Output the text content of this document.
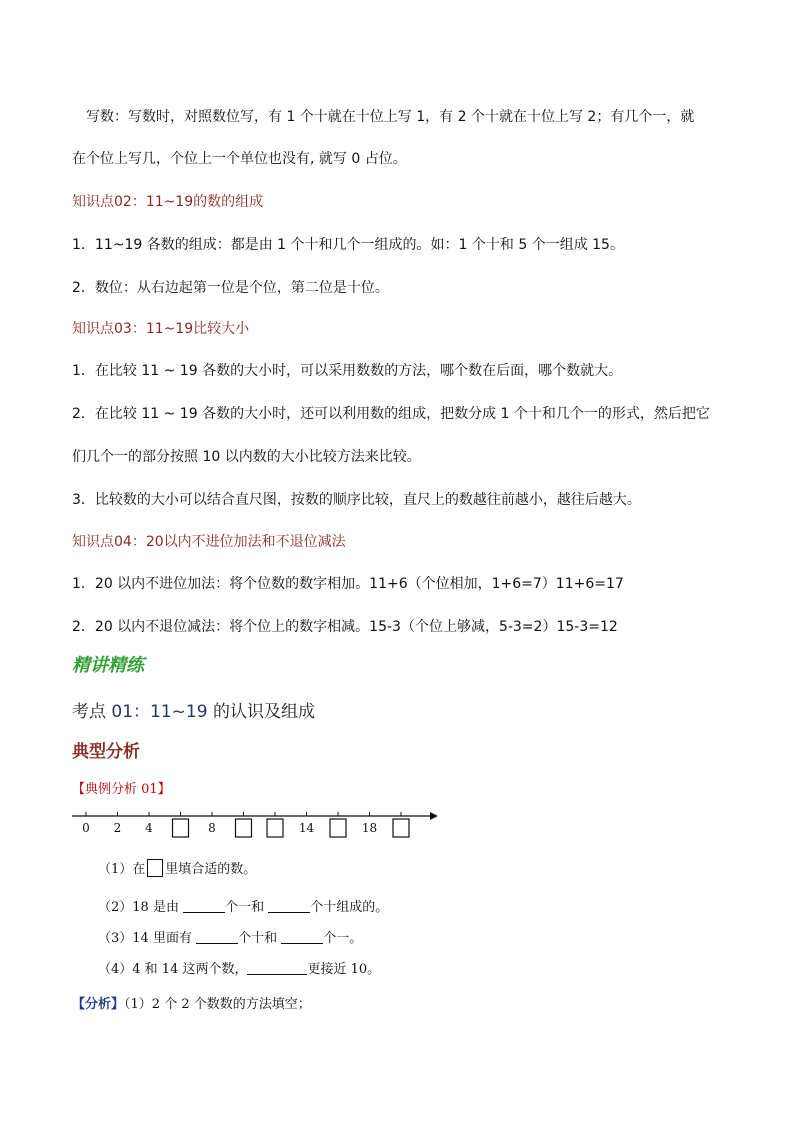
写数：写数时，对照数位写，有 1 个十就在十位上写 1，有 2 个十就在十位上写 2；有几个一，就
在个位上写几，个位上一个单位也没有, 就写 0 占位。
知识点02：11~19的数的组成
1．11~19 各数的组成：都是由 1 个十和几个一组成的。如：1 个十和 5 个一组成 15。
2．数位：从右边起第一位是个位，第二位是十位。
知识点03：11~19比较大小
1．在比较 11 ~ 19 各数的大小时，可以采用数数的方法，哪个数在后面，哪个数就大。
2．在比较 11 ~ 19 各数的大小时，还可以利用数的组成，把数分成 1 个十和几个一的形式，然后把它
们几个一的部分按照 10 以内数的大小比较方法来比较。
3．比较数的大小可以结合直尺图，按数的顺序比较，直尺上的数越往前越小，越往后越大。
知识点04：20以内不进位加法和不退位减法
1．20 以内不进位加法：将个位数的数字相加。11+6（个位相加，1+6=7）11+6=17
2．20 以内不退位减法：将个位上的数字相减。15-3（个位上够减，5-3=2）15-3=12
精讲精练
考点 01：11~19 的认识及组成
典型分析
【典例分析 01】
0 2 4	8	14	18
（1）在 里填合适的数。
（2）18 是由	个一和	个十组成的。
（3）14 里面有	个十和	个一。
（4）4 和 14 这两个数，	更接近 10。
【分析】（1）2 个 2 个数数的方法填空；
